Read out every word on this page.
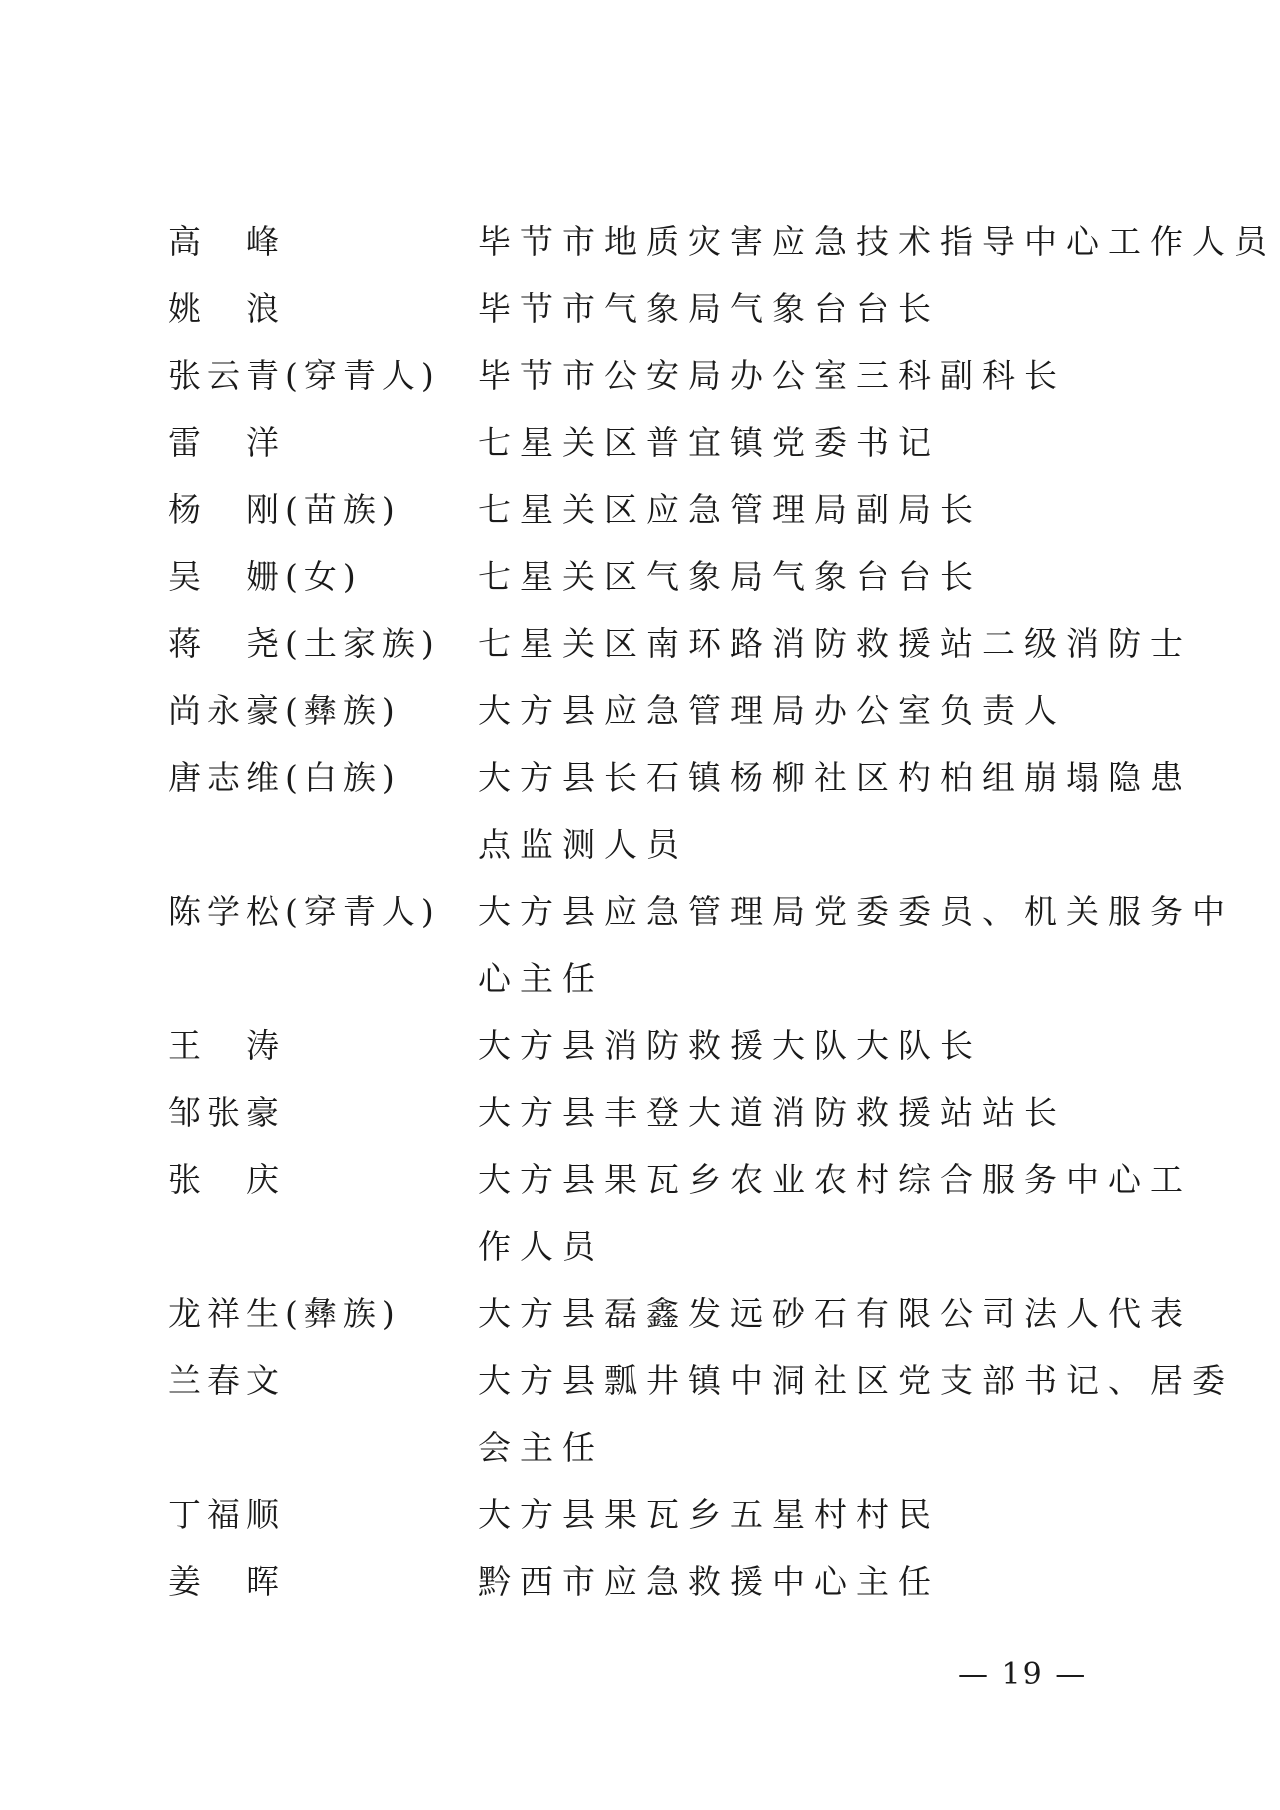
高　峰	毕节市地质灾害应急技术指导中心工作人员
姚　浪	毕节市气象局气象台台长
张云青(穿青人)	毕节市公安局办公室三科副科长
雷　洋	七星关区普宜镇党委书记
杨　刚(苗族)	七星关区应急管理局副局长
吴　姗(女)	七星关区气象局气象台台长
蒋　尧(土家族)	七星关区南环路消防救援站二级消防士
尚永豪(彝族)	大方县应急管理局办公室负责人
唐志维(白族)	大方县长石镇杨柳社区杓柏组崩塌隐患
点监测人员
陈学松(穿青人)	大方县应急管理局党委委员、机关服务中
心主任
王　涛	大方县消防救援大队大队长
邹张豪	大方县丰登大道消防救援站站长
张　庆	大方县果瓦乡农业农村综合服务中心工
作人员
龙祥生(彝族)	大方县磊鑫发远砂石有限公司法人代表
兰春文	大方县瓢井镇中洞社区党支部书记、居委
会主任
丁福顺	大方县果瓦乡五星村村民
姜　晖	黔西市应急救援中心主任
— 19 —
